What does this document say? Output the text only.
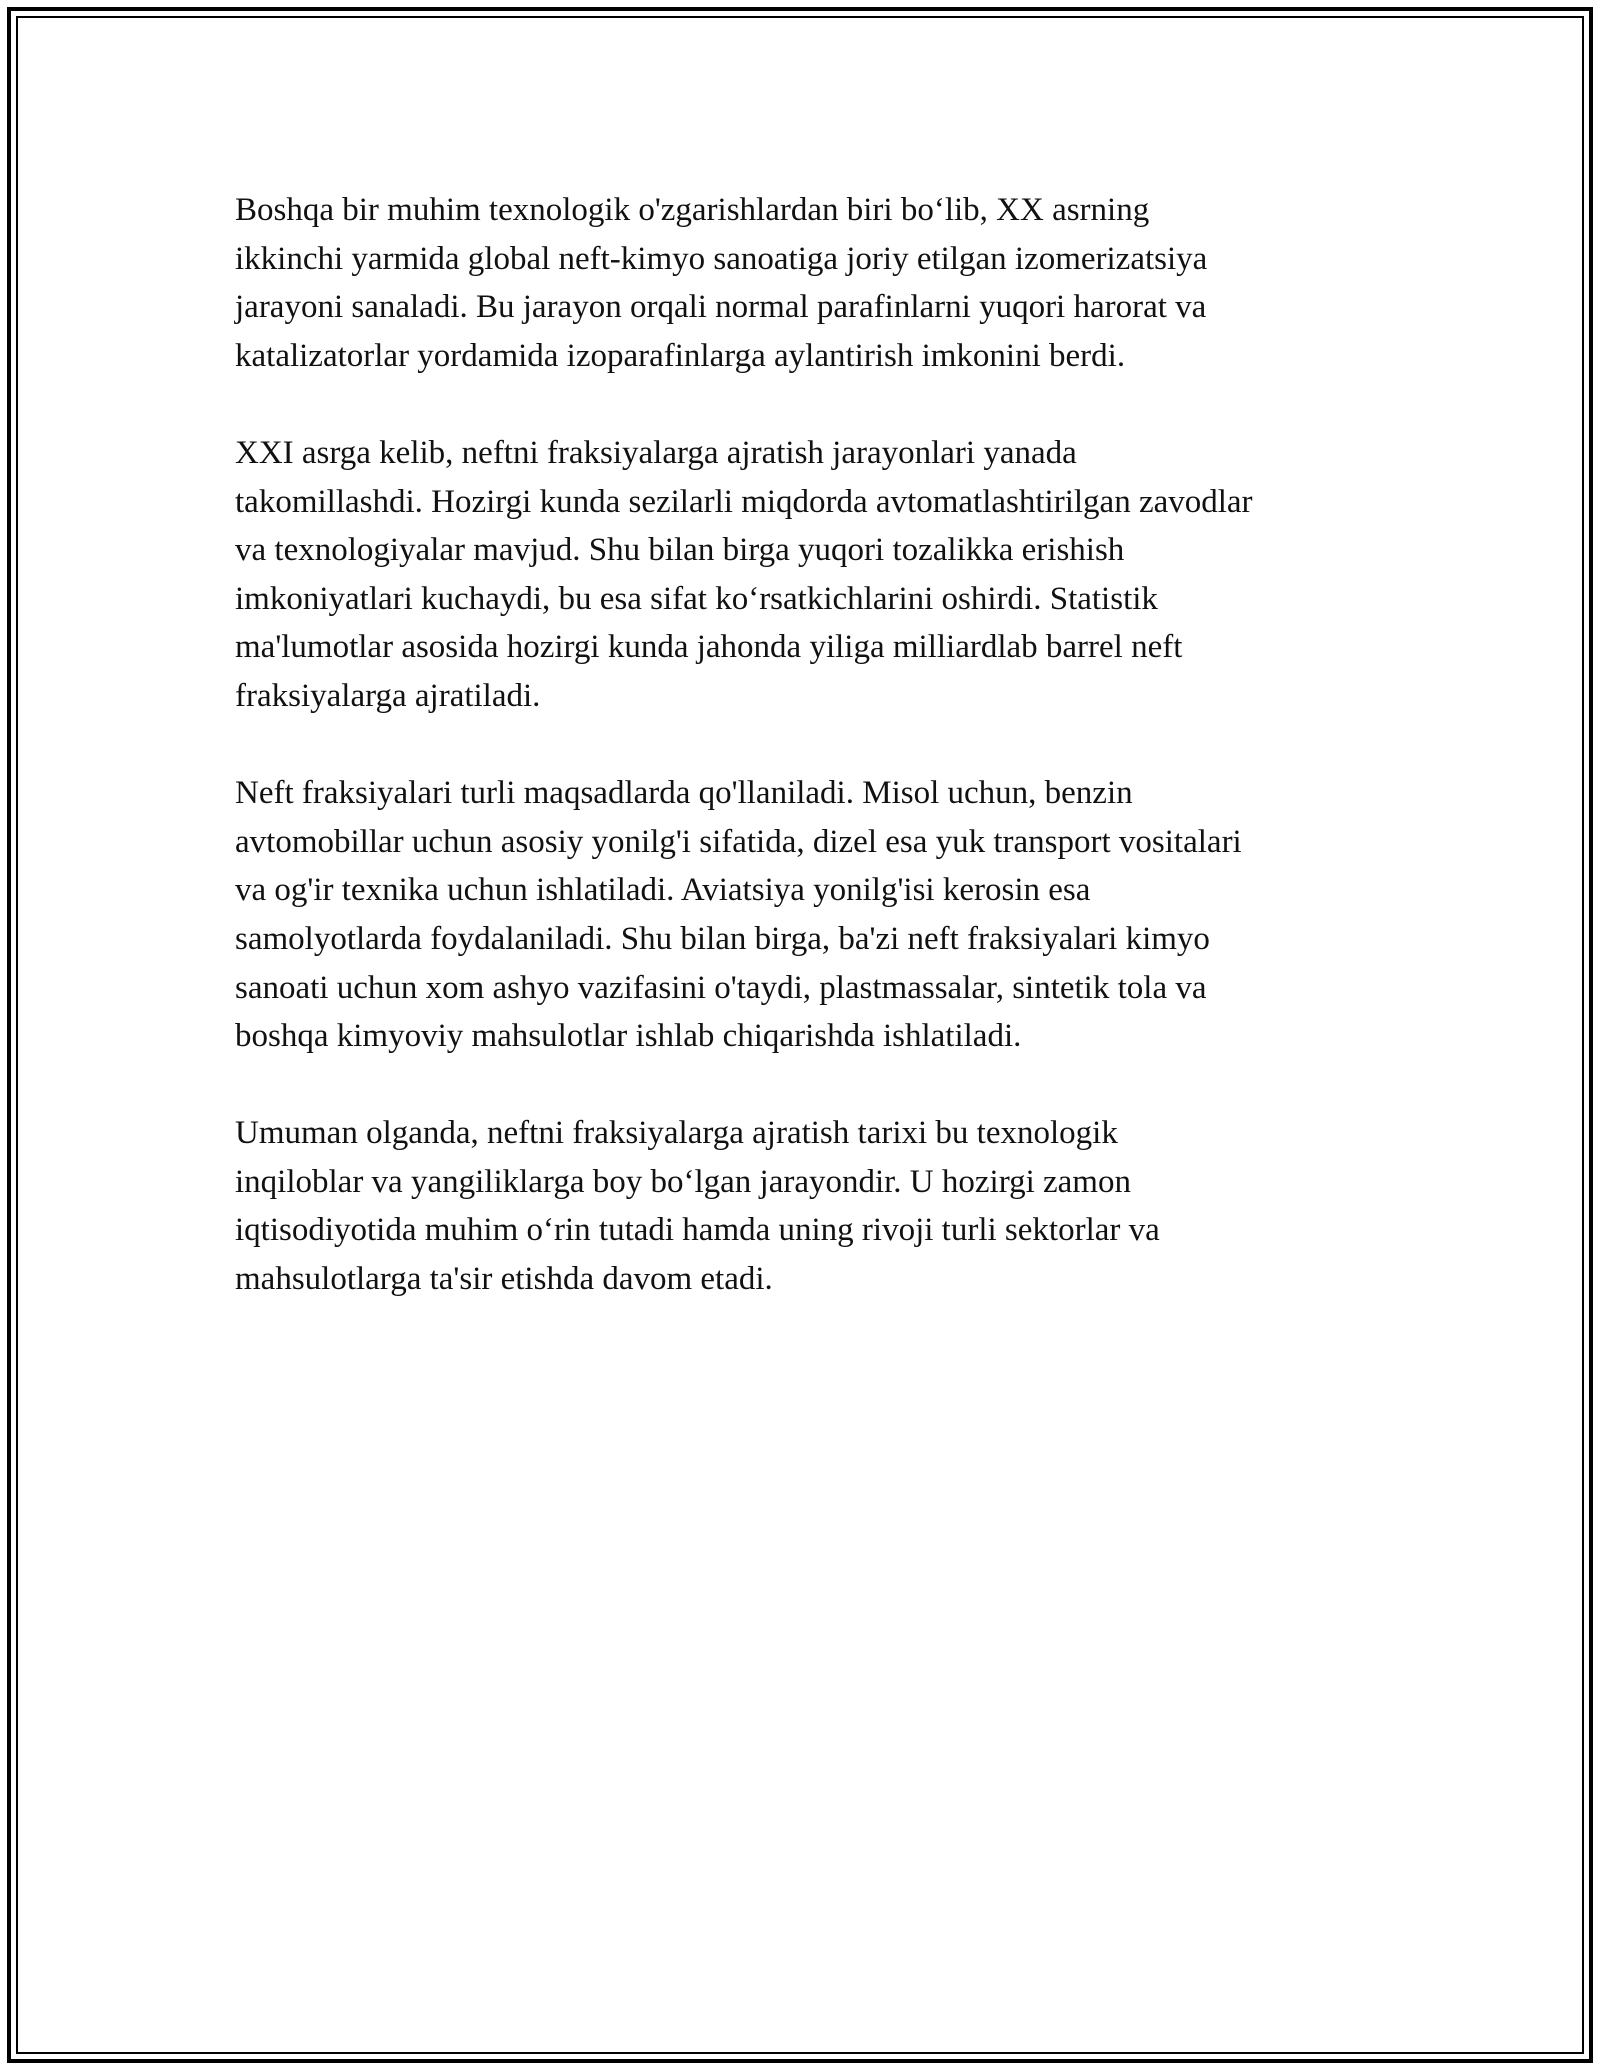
Boshqa bir muhim texnologik o'zgarishlardan biri bo‘lib, XX asrning
ikkinchi yarmida global neft-kimyo sanoatiga joriy etilgan izomerizatsiya
jarayoni sanaladi. Bu jarayon orqali normal parafinlarni yuqori harorat va
katalizatorlar yordamida izoparafinlarga aylantirish imkonini berdi.

XXI asrga kelib, neftni fraksiyalarga ajratish jarayonlari yanada
takomillashdi. Hozirgi kunda sezilarli miqdorda avtomatlashtirilgan zavodlar
va texnologiyalar mavjud. Shu bilan birga yuqori tozalikka erishish
imkoniyatlari kuchaydi, bu esa sifat ko‘rsatkichlarini oshirdi. Statistik
ma'lumotlar asosida hozirgi kunda jahonda yiliga milliardlab barrel neft
fraksiyalarga ajratiladi.

Neft fraksiyalari turli maqsadlarda qo'llaniladi. Misol uchun, benzin
avtomobillar uchun asosiy yonilg'i sifatida, dizel esa yuk transport vositalari
va og'ir texnika uchun ishlatiladi. Aviatsiya yonilg'isi kerosin esa
samolyotlarda foydalaniladi. Shu bilan birga, ba'zi neft fraksiyalari kimyo
sanoati uchun xom ashyo vazifasini o'taydi, plastmassalar, sintetik tola va
boshqa kimyoviy mahsulotlar ishlab chiqarishda ishlatiladi.

Umuman olganda, neftni fraksiyalarga ajratish tarixi bu texnologik
inqiloblar va yangiliklarga boy bo‘lgan jarayondir. U hozirgi zamon
iqtisodiyotida muhim o‘rin tutadi hamda uning rivoji turli sektorlar va
mahsulotlarga ta'sir etishda davom etadi.
